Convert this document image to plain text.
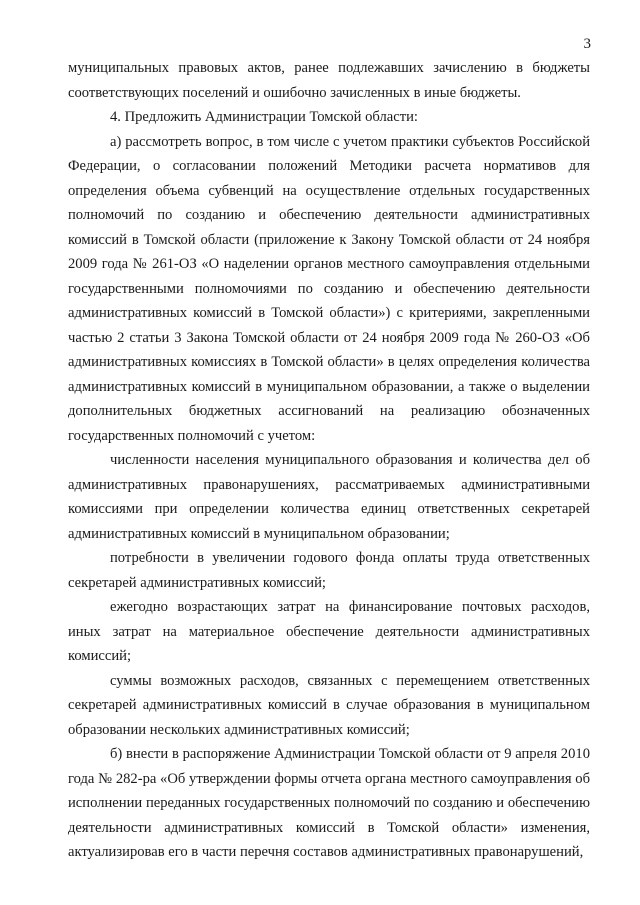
3

муниципальных правовых актов, ранее подлежавших зачислению в бюджеты соответствующих поселений и ошибочно зачисленных в иные бюджеты.

4. Предложить Администрации Томской области:

а) рассмотреть вопрос, в том числе с учетом практики субъектов Российской Федерации, о согласовании положений Методики расчета нормативов для определения объема субвенций на осуществление отдельных государственных полномочий по созданию и обеспечению деятельности административных комиссий в Томской области (приложение к Закону Томской области от 24 ноября 2009 года № 261-ОЗ «О наделении органов местного самоуправления отдельными государственными полномочиями по созданию и обеспечению деятельности административных комиссий в Томской области») с критериями, закрепленными частью 2 статьи 3 Закона Томской области от 24 ноября 2009 года № 260-ОЗ «Об административных комиссиях в Томской области» в целях определения количества административных комиссий в муниципальном образовании, а также о выделении дополнительных бюджетных ассигнований на реализацию обозначенных государственных полномочий с учетом:

численности населения муниципального образования и количества дел об административных правонарушениях, рассматриваемых административными комиссиями при определении количества единиц ответственных секретарей административных комиссий в муниципальном образовании;

потребности в увеличении годового фонда оплаты труда ответственных секретарей административных комиссий;

ежегодно возрастающих затрат на финансирование почтовых расходов, иных затрат на материальное обеспечение деятельности административных комиссий;

суммы возможных расходов, связанных с перемещением ответственных секретарей административных комиссий в случае образования в муниципальном образовании нескольких административных комиссий;

б) внести в распоряжение Администрации Томской области от 9 апреля 2010 года № 282-ра «Об утверждении формы отчета органа местного самоуправления об исполнении переданных государственных полномочий по созданию и обеспечению деятельности административных комиссий в Томской области» изменения, актуализировав его в части перечня составов административных правонарушений,
